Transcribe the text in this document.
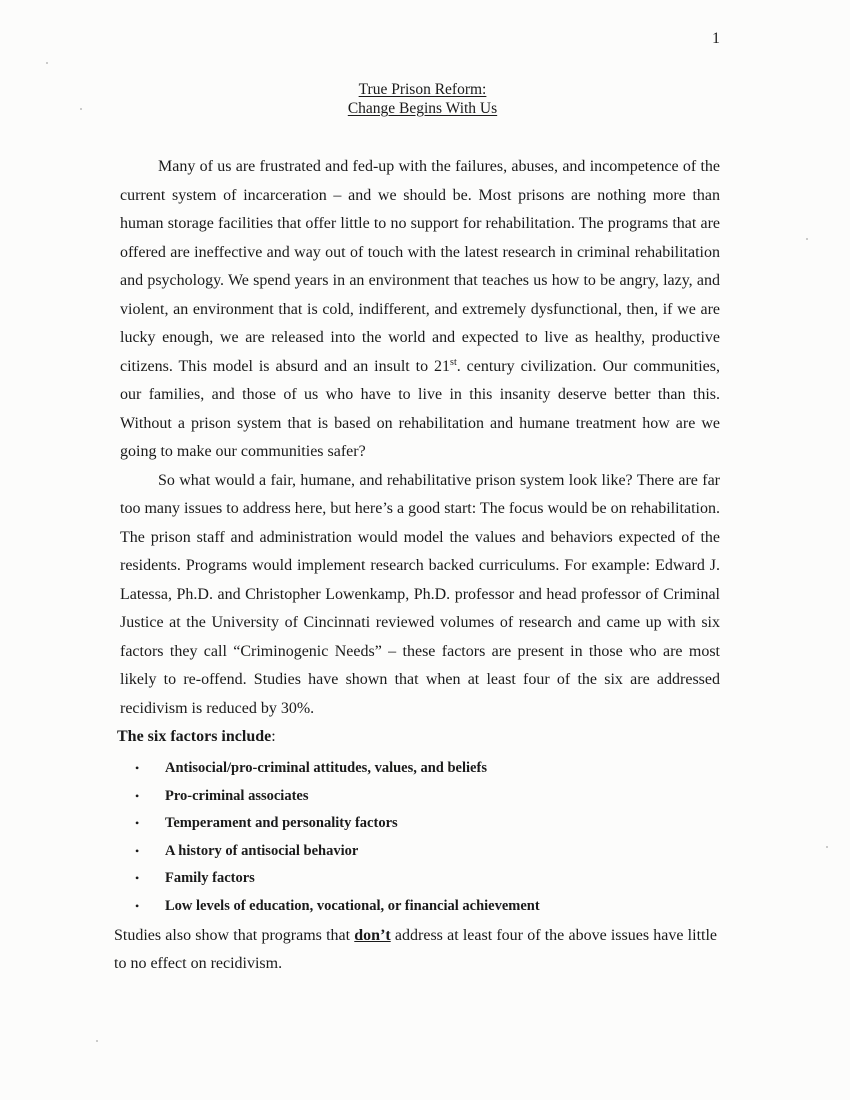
1
True Prison Reform:
Change Begins With Us

Many of us are frustrated and fed-up with the failures, abuses, and incompetence of the current system of incarceration – and we should be. Most prisons are nothing more than human storage facilities that offer little to no support for rehabilitation. The programs that are offered are ineffective and way out of touch with the latest research in criminal rehabilitation and psychology. We spend years in an environment that teaches us how to be angry, lazy, and violent, an environment that is cold, indifferent, and extremely dysfunctional, then, if we are lucky enough, we are released into the world and expected to live as healthy, productive citizens. This model is absurd and an insult to 21st. century civilization. Our communities, our families, and those of us who have to live in this insanity deserve better than this. Without a prison system that is based on rehabilitation and humane treatment how are we going to make our communities safer?

So what would a fair, humane, and rehabilitative prison system look like? There are far too many issues to address here, but here’s a good start: The focus would be on rehabilitation. The prison staff and administration would model the values and behaviors expected of the residents. Programs would implement research backed curriculums. For example: Edward J. Latessa, Ph.D. and Christopher Lowenkamp, Ph.D. professor and head professor of Criminal Justice at the University of Cincinnati reviewed volumes of research and came up with six factors they call “Criminogenic Needs” – these factors are present in those who are most likely to re-offend. Studies have shown that when at least four of the six are addressed recidivism is reduced by 30%.

The six factors include:
• Antisocial/pro-criminal attitudes, values, and beliefs
• Pro-criminal associates
• Temperament and personality factors
• A history of antisocial behavior
• Family factors
• Low levels of education, vocational, or financial achievement
Studies also show that programs that don’t address at least four of the above issues have little to no effect on recidivism.
